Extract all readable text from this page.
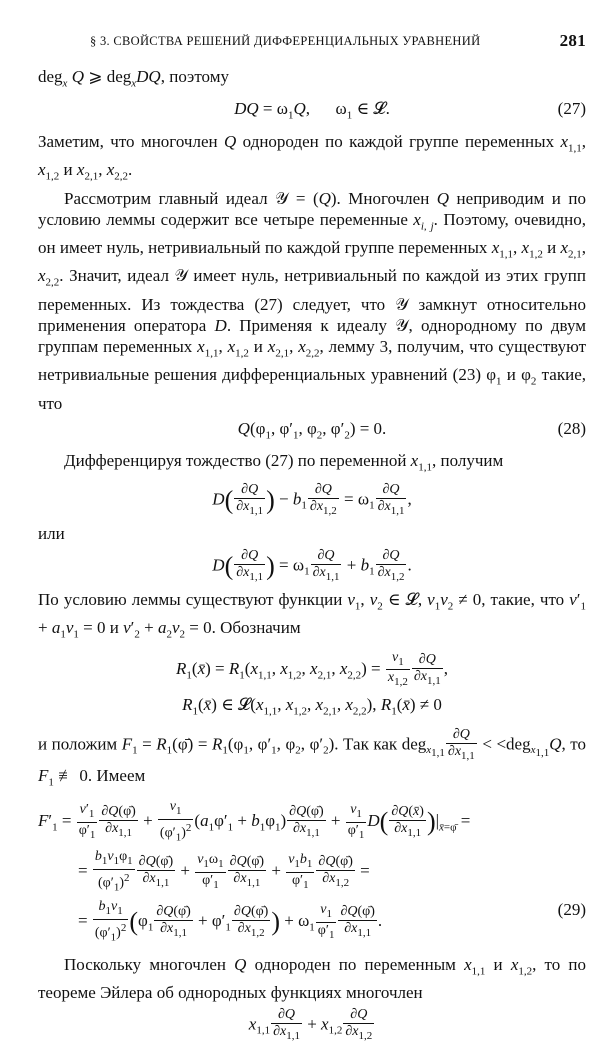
§ 3. СВОЙСТВА РЕШЕНИЙ ДИФФЕРЕНЦИАЛЬНЫХ УРАВНЕНИЙ	281

deg$_x$ Q ⩾ deg$_x$DQ, поэтому

DQ = $\omega_1Q$,      $\omega_1$ ∈ 𝓛.	(27)

Заметим, что многочлен Q однороден по каждой группе переменных $x_{1,1}$, $x_{1,2}$ и $x_{2,1}$, $x_{2,2}$.

Рассмотрим главный идеал 𝒴 = (Q). Многочлен Q неприводим и по условию леммы содержит все четыре переменные $x_{i, j}$. Поэтому, очевидно, он имеет нуль, нетривиальный по каждой группе переменных $x_{1,1}$, $x_{1,2}$ и $x_{2,1}$, $x_{2,2}$. Значит, идеал 𝒴 имеет нуль, нетривиальный по каждой из этих групп переменных. Из тождества (27) следует, что 𝒴 замкнут относительно применения оператора D. Применяя к идеалу 𝒴, однородному по двум группам переменных $x_{1,1}$, $x_{1,2}$ и $x_{2,1}$, $x_{2,2}$, лемму 3, получим, что существуют нетривиальные решения дифференциальных уравнений (23) $\varphi_1$ и $\varphi_2$ такие, что

$Q(\varphi_1$, $\varphi'_1$, $\varphi_2$, $\varphi'_2) = 0$.	(28)

Дифференцируя тождество (27) по переменной $x_{1,1}$, получим

$D( \frac{\partial Q}{\partial x_{1,1}}$ ) − $b_1 \frac{\partial Q}{\partial x_{1,2}} = \omega_1 \frac{\partial Q}{\partial x_{1,1}}$ ,

или

$D( \frac{\partial Q}{\partial x_{1,1}}$ ) = $\omega_1 \frac{\partial Q}{\partial x_{1,1}} + b_1 \frac{\partial Q}{\partial x_{1,2}}$ .

По условию леммы существуют функции $v_1$, $v_2$ ∈ 𝓛, $v_1v_2 \ne 0$, такие, что $v'_1 + a_1v_1 = 0$ и $v'_2 + a_2v_2 = 0$. Обозначим

$R_1(x̄) = R_1(x_{1,1}$, $x_{1,2}$, $x_{2,1}$, $x_{2,2}) = \frac{v_1}{x_{1,2}} \frac{\partial Q}{\partial x_{1,1}}$ ,
$R_1(x̄)$ ∈ $𝓛(x_{1,1}$, $x_{1,2}$, $x_{2,1}$, $x_{2,2}$), $R_1(x̄) \ne 0$

и положим $F_1$ = $R_1(\varphī) = R_1(\varphi_1$, $\varphi'_1$, $\varphi_2$, $\varphi'_2$). Так как $deg_{x_{1,1}} \frac{\partial Q}{\partial x_{1,1}} < <deg_{x_{1,1}}Q$, то $F_1$ ≢ 0. Имеем

$F'_1 = \frac{v'_1}{\varphi'_1} \frac{\partial Q(\varphī)}{\partial x_{1,1}} + \frac{v_1}{(\varphi'_1)^2} (a_1\varphi'_1 + b_1\varphi_1) \frac{\partial Q(\varphī)}{\partial x_{1,1}} + \frac{v_1}{\varphi'_1} D( \frac{\partial Q(x̄)}{\partial x_{1,1}} )|_{x̄=\varphī}$ =
= $\frac{b_1v_1\varphi_1}{(\varphi'_1)^2} \frac{\partial Q(\varphī)}{\partial x_{1,1}} + \frac{v_1\omega_1}{\varphi'_1} \frac{\partial Q(\varphī)}{\partial x_{1,1}} + \frac{v_1b_1}{\varphi'_1} \frac{\partial Q(\varphī)}{\partial x_{1,2}}$ =
= $\frac{b_1v_1}{(\varphi'_1)^2} (\varphi_1 \frac{\partial Q(\varphī)}{\partial x_{1,1}} + \varphi'_1 \frac{\partial Q(\varphī)}{\partial x_{1,2}}$ ) + $\omega_1 \frac{v_1}{\varphi'_1} \frac{\partial Q(\varphī)}{\partial x_{1,1}}$ .
(29)

Поскольку многочлен Q однороден по переменным $x_{1,1}$ и $x_{1,2}$, то по теореме Эйлера об однородных функциях многочлен

$x_{1,1} \frac{\partial Q}{\partial x_{1,1}} + x_{1,2} \frac{\partial Q}{\partial x_{1,2}}$
